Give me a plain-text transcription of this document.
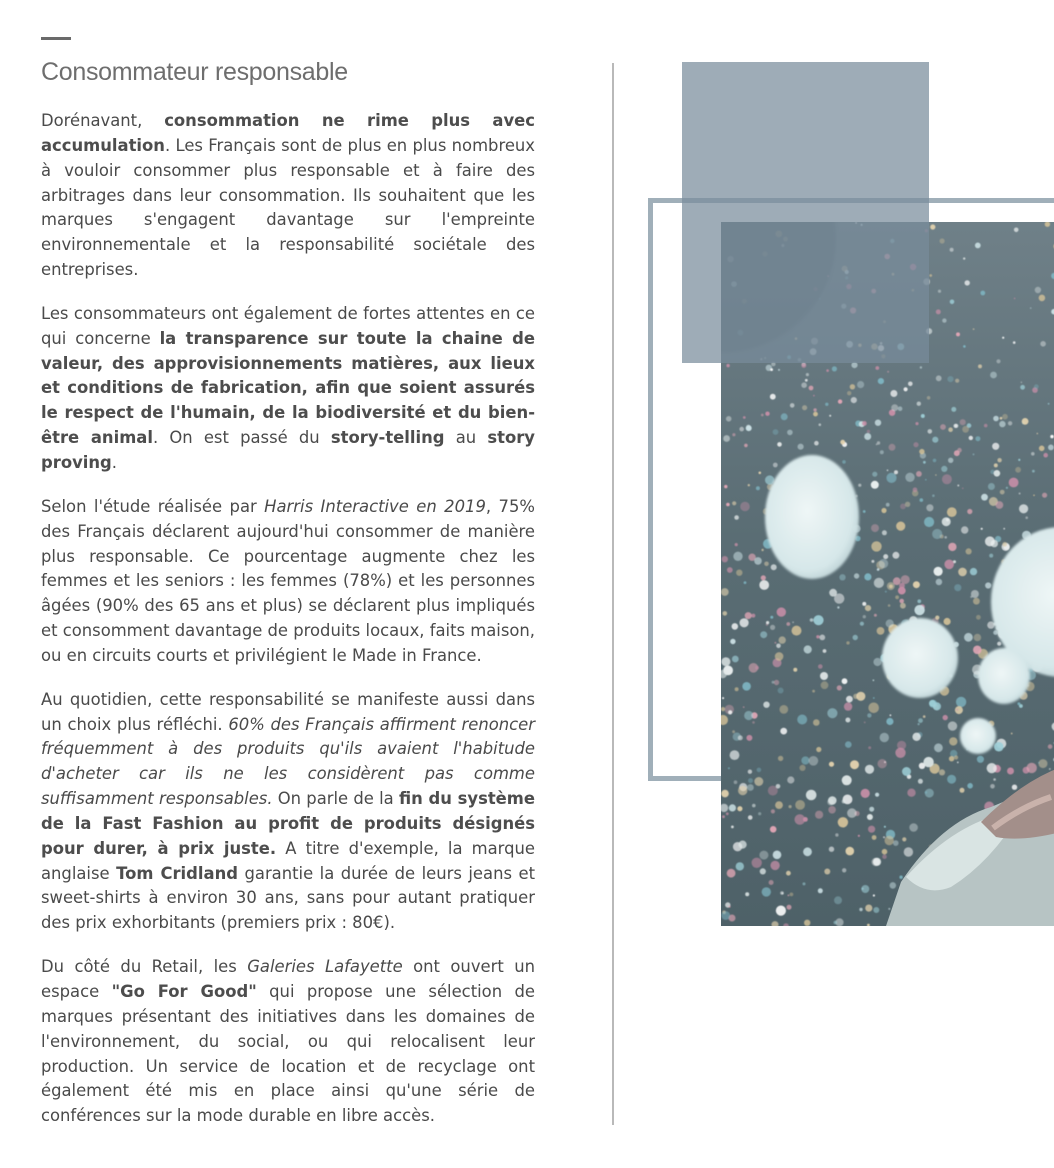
Consommateur responsable

Dorénavant, consommation ne rime plus avec accumulation. Les Français sont de plus en plus nombreux à vouloir consommer plus responsable et à faire des arbitrages dans leur consommation. Ils souhaitent que les marques s'engagent davantage sur l'empreinte environnementale et la responsabilité sociétale des entreprises.

Les consommateurs ont également de fortes attentes en ce qui concerne la transparence sur toute la chaine de valeur, des approvisionnements matières, aux lieux et conditions de fabrication, afin que soient assurés le respect de l'humain, de la biodiversité et du bien-être animal. On est passé du story-telling au story proving.

Selon l'étude réalisée par Harris Interactive en 2019, 75% des Français déclarent aujourd'hui consommer de manière plus responsable. Ce pourcentage augmente chez les femmes et les seniors : les femmes (78%) et les personnes âgées (90% des 65 ans et plus) se déclarent plus impliqués et consomment davantage de produits locaux, faits maison, ou en circuits courts et privilégient le Made in France.

Au quotidien, cette responsabilité se manifeste aussi dans un choix plus réfléchi. 60% des Français affirment renoncer fréquemment à des produits qu'ils avaient l'habitude d'acheter car ils ne les considèrent pas comme suffisamment responsables. On parle de la fin du système de la Fast Fashion au profit de produits désignés pour durer, à prix juste. A titre d'exemple, la marque anglaise Tom Cridland garantie la durée de leurs jeans et sweet-shirts à environ 30 ans, sans pour autant pratiquer des prix exhorbitants (premiers prix : 80€).

Du côté du Retail, les Galeries Lafayette ont ouvert un espace "Go For Good" qui propose une sélection de marques présentant des initiatives dans les domaines de l'environnement, du social, ou qui relocalisent leur production. Un service de location et de recyclage ont également été mis en place ainsi qu'une série de conférences sur la mode durable en libre accès.
